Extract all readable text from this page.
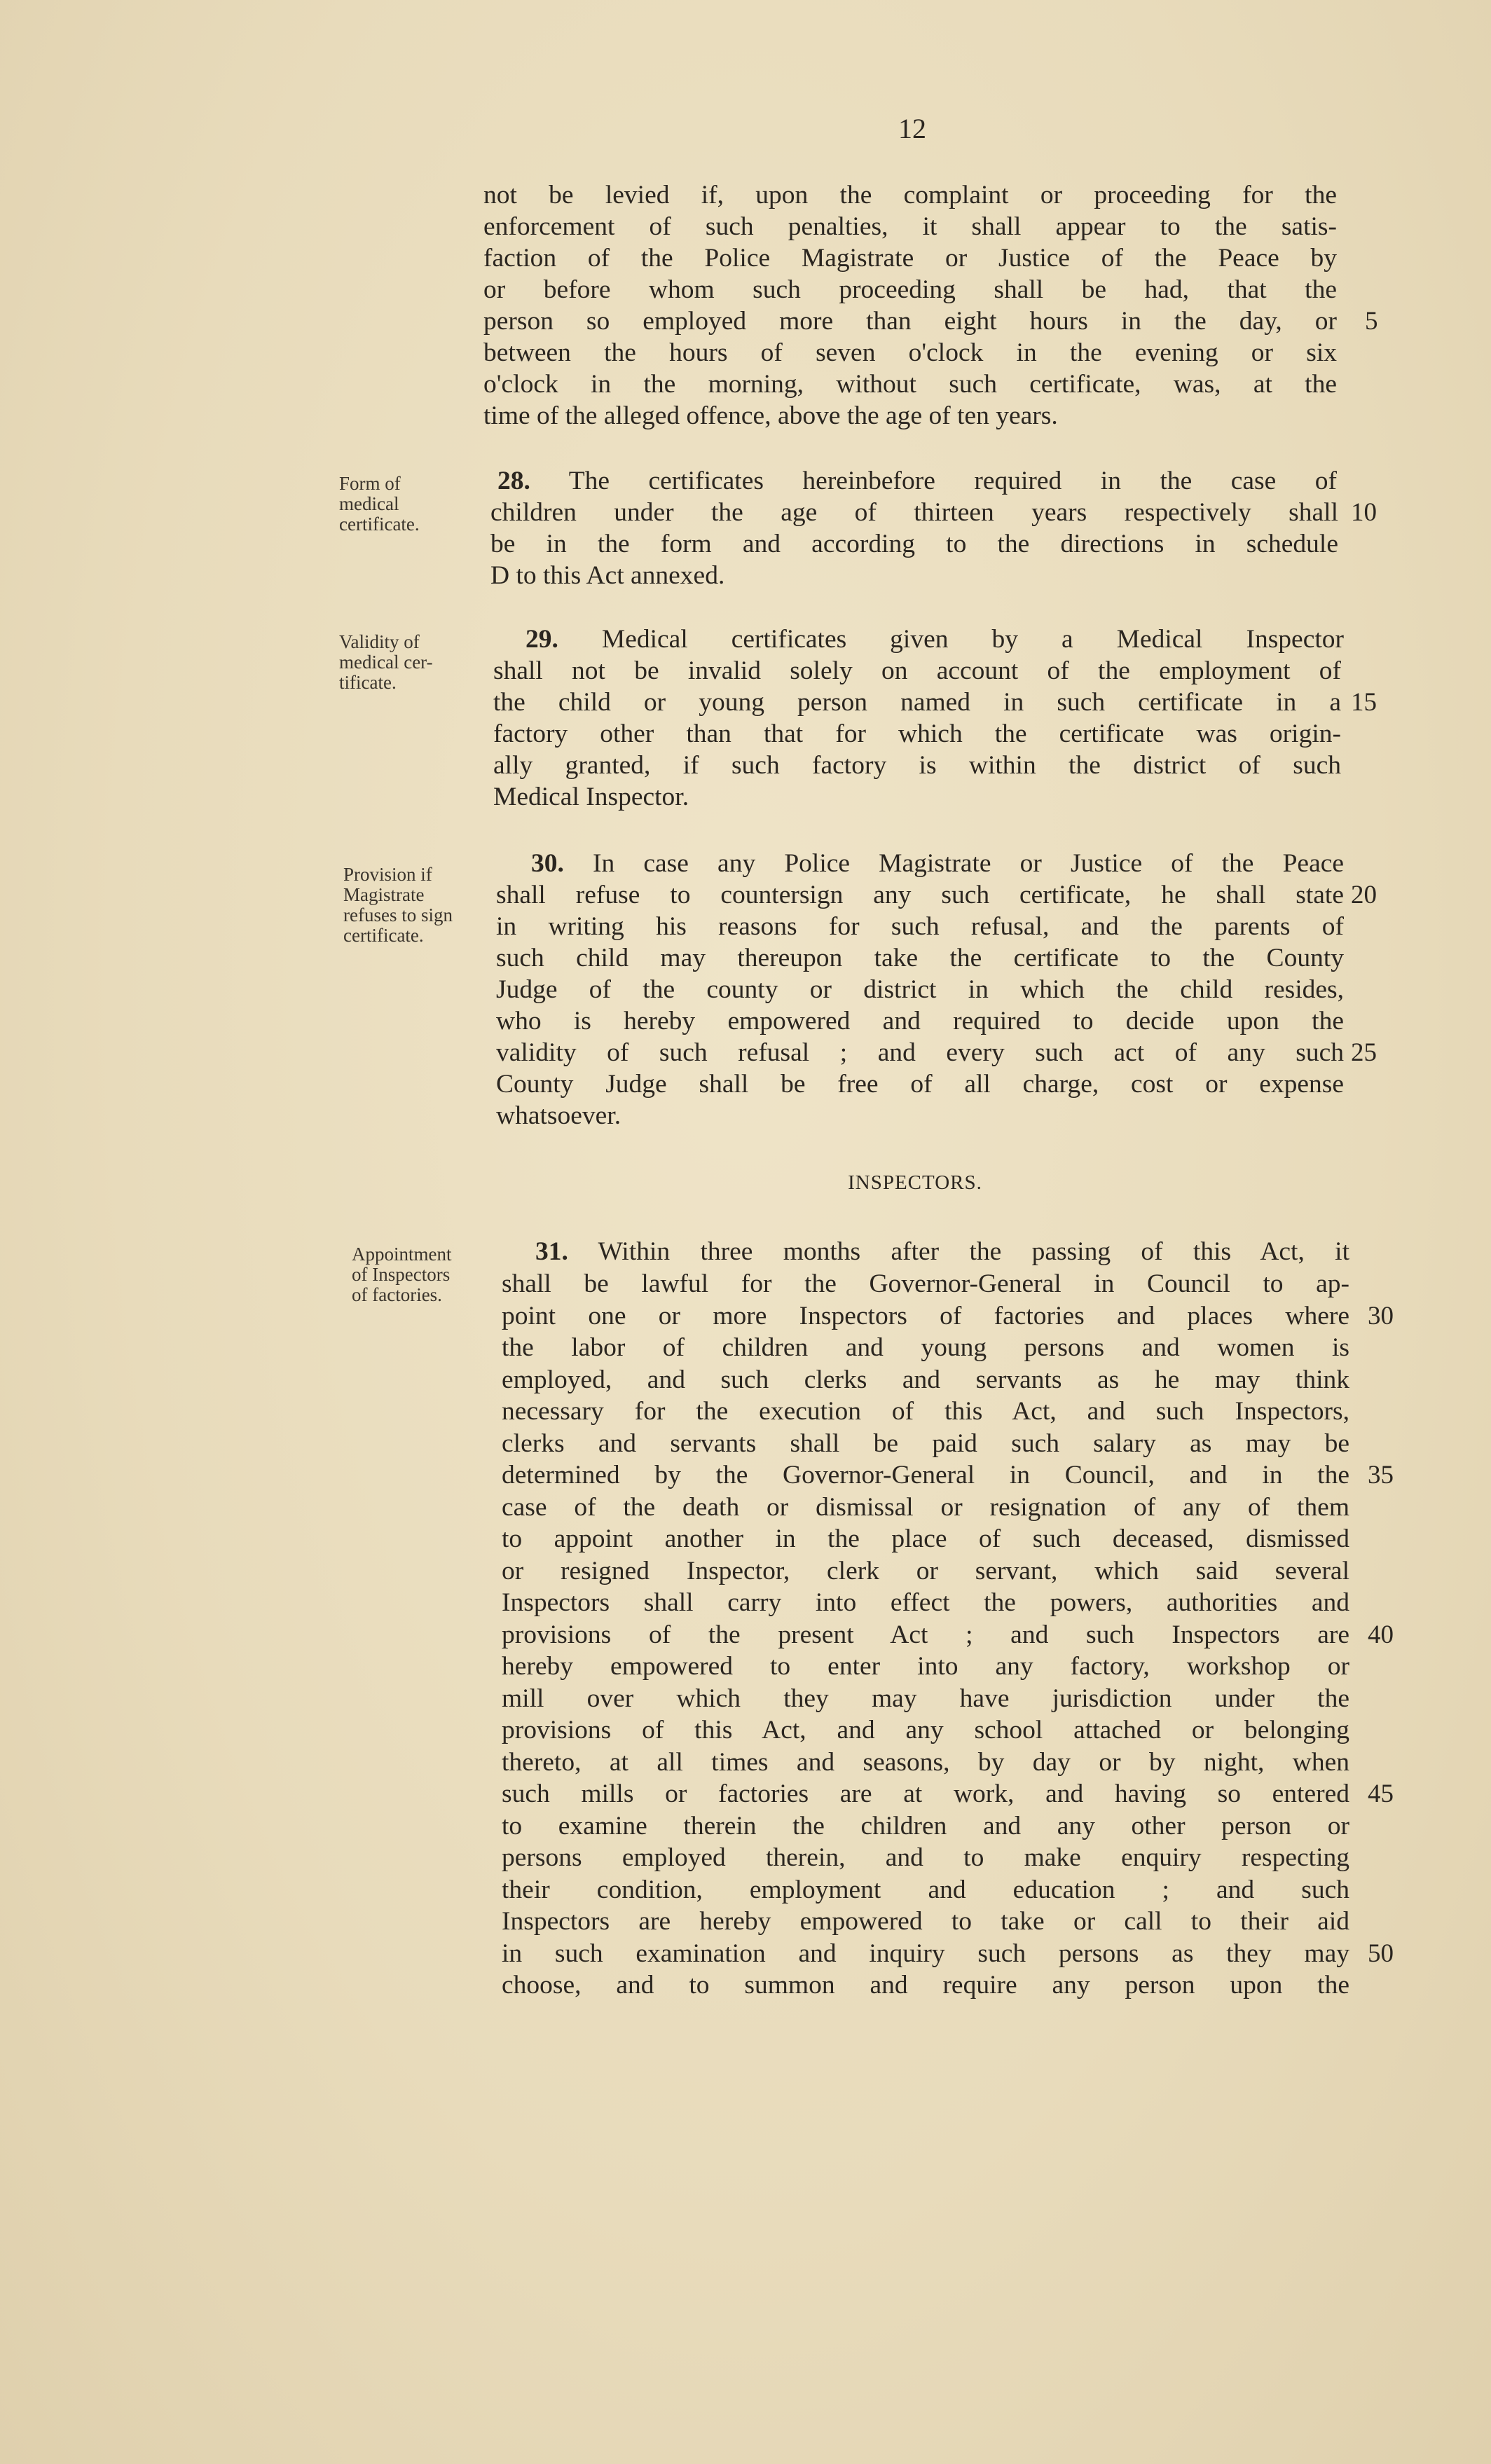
12
not be levied if, upon the complaint or proceeding for the
enforcement of such penalties, it shall appear to the satis-
faction of the Police Magistrate or Justice of the Peace by
or before whom such proceeding shall be had, that the
person so employed more than eight hours in the day, or
between the hours of seven o'clock in the evening or six
o'clock in the morning, without such certificate, was, at the
time of the alleged offence, above the age of ten years.
Form of
medical
certificate.
28. The certificates hereinbefore required in the case of
children under the age of thirteen years respectively shall
be in the form and according to the directions in schedule
D to this Act annexed.
Validity of
medical cer-
tificate.
29. Medical certificates given by a Medical Inspector
shall not be invalid solely on account of the employment of
the child or young person named in such certificate in a
factory other than that for which the certificate was origin-
ally granted, if such factory is within the district of such
Medical Inspector.
Provision if
Magistrate
refuses to sign
certificate.
30. In case any Police Magistrate or Justice of the Peace
shall refuse to countersign any such certificate, he shall state
in writing his reasons for such refusal, and the parents of
such child may thereupon take the certificate to the County
Judge of the county or district in which the child resides,
who is hereby empowered and required to decide upon the
validity of such refusal ; and every such act of any such
County Judge shall be free of all charge, cost or expense
whatsoever.
INSPECTORS.
Appointment
of Inspectors
of factories.
31. Within three months after the passing of this Act, it
shall be lawful for the Governor-General in Council to ap-
point one or more Inspectors of factories and places where
the labor of children and young persons and women is
employed, and such clerks and servants as he may think
necessary for the execution of this Act, and such Inspectors,
clerks and servants shall be paid such salary as may be
determined by the Governor-General in Council, and in the
case of the death or dismissal or resignation of any of them
to appoint another in the place of such deceased, dismissed
or resigned Inspector, clerk or servant, which said several
Inspectors shall carry into effect the powers, authorities and
provisions of the present Act ; and such Inspectors are
hereby empowered to enter into any factory, workshop or
mill over which they may have jurisdiction under the
provisions of this Act, and any school attached or belonging
thereto, at all times and seasons, by day or by night, when
such mills or factories are at work, and having so entered
to examine therein the children and any other person or
persons employed therein, and to make enquiry respecting
their condition, employment and education ; and such
Inspectors are hereby empowered to take or call to their aid
in such examination and inquiry such persons as they may
choose, and to summon and require any person upon the
5
10
15
20
25
30
35
40
45
50
